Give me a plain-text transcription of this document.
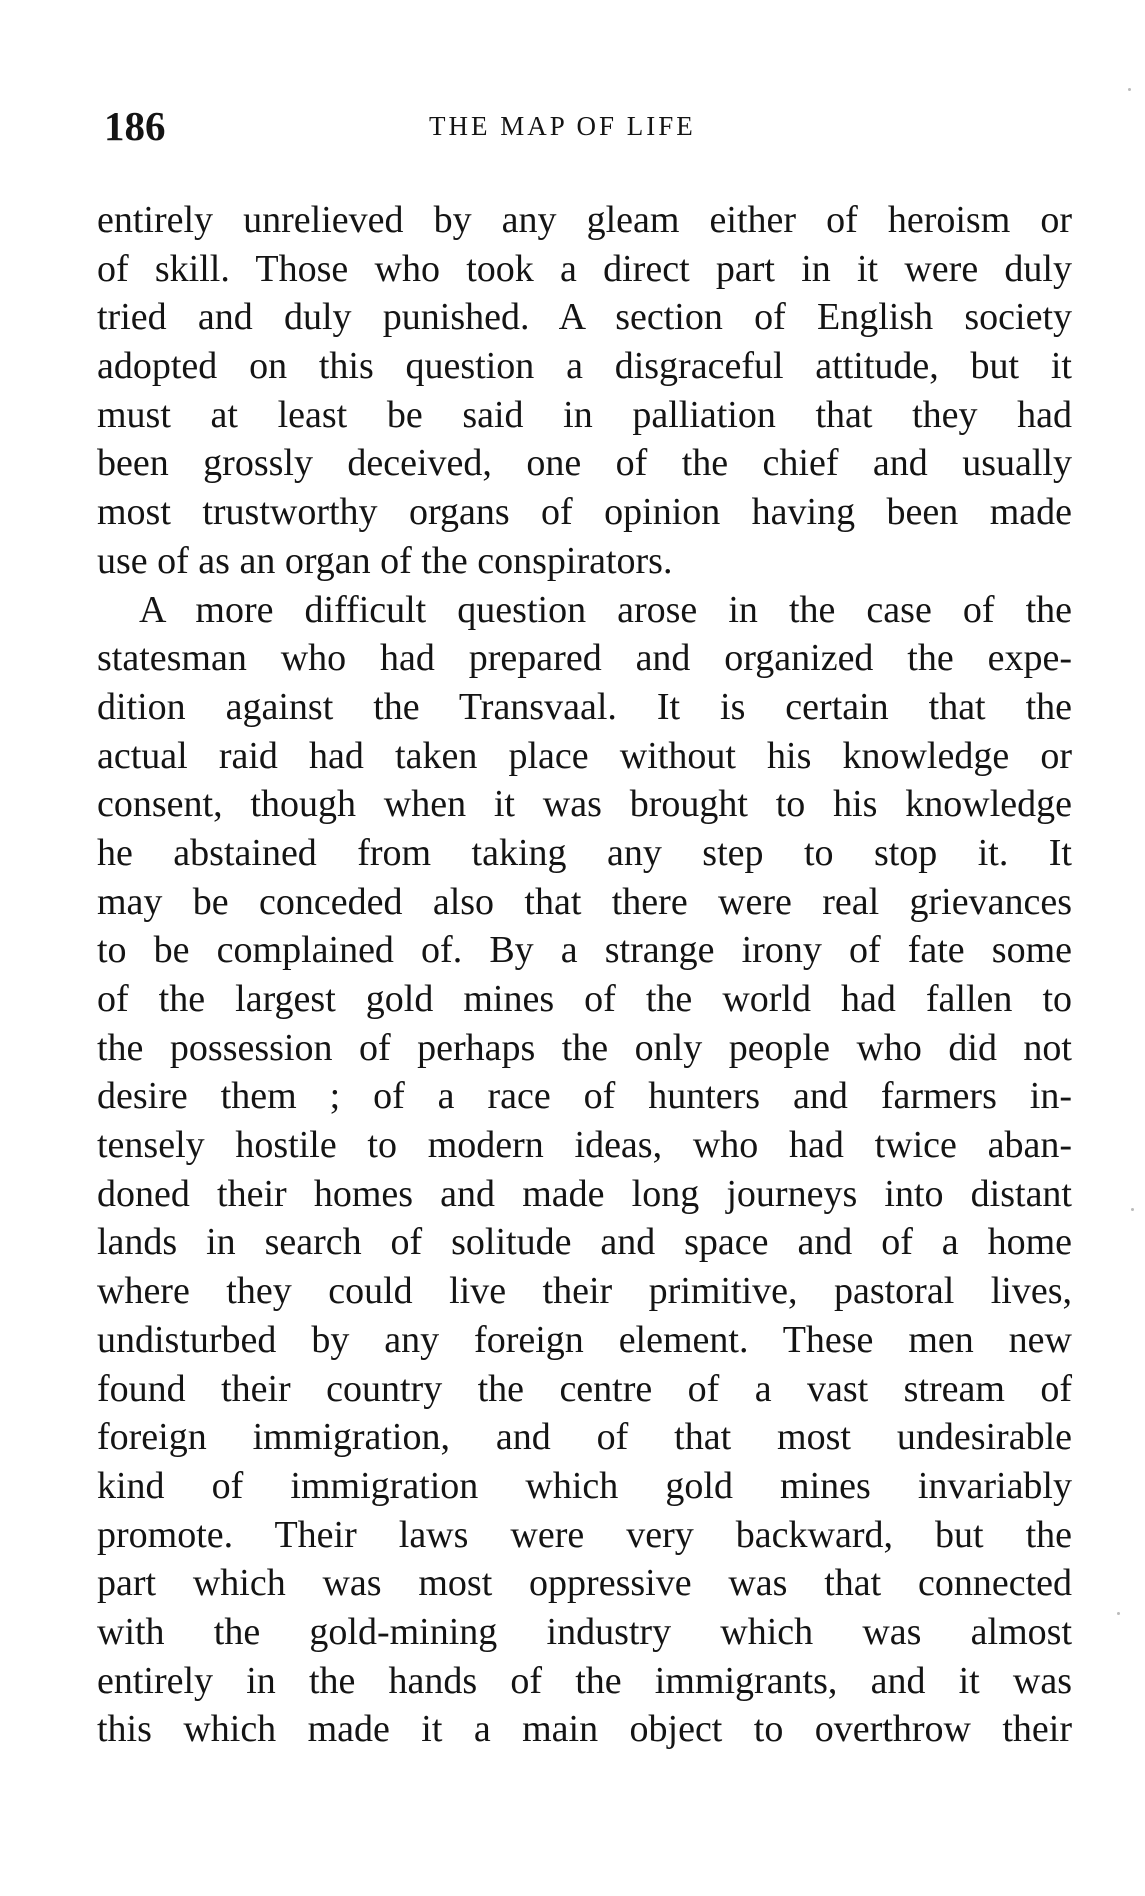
186	THE MAP OF LIFE
entirely unrelieved by any gleam either of heroism or
of skill. Those who took a direct part in it were duly
tried and duly punished. A section of English society
adopted on this question a disgraceful attitude, but it
must at least be said in palliation that they had
been grossly deceived, one of the chief and usually
most trustworthy organs of opinion having been made
use of as an organ of the conspirators.
A more difficult question arose in the case of the
statesman who had prepared and organized the expe-
dition against the Transvaal. It is certain that the
actual raid had taken place without his knowledge or
consent, though when it was brought to his knowledge
he abstained from taking any step to stop it. It
may be conceded also that there were real grievances
to be complained of. By a strange irony of fate some
of the largest gold mines of the world had fallen to
the possession of perhaps the only people who did not
desire them ; of a race of hunters and farmers in-
tensely hostile to modern ideas, who had twice aban-
doned their homes and made long journeys into distant
lands in search of solitude and space and of a home
where they could live their primitive, pastoral lives,
undisturbed by any foreign element. These men new
found their country the centre of a vast stream of
foreign immigration, and of that most undesirable
kind of immigration which gold mines invariably
promote. Their laws were very backward, but the
part which was most oppressive was that connected
with the gold-mining industry which was almost
entirely in the hands of the immigrants, and it was
this which made it a main object to overthrow their
